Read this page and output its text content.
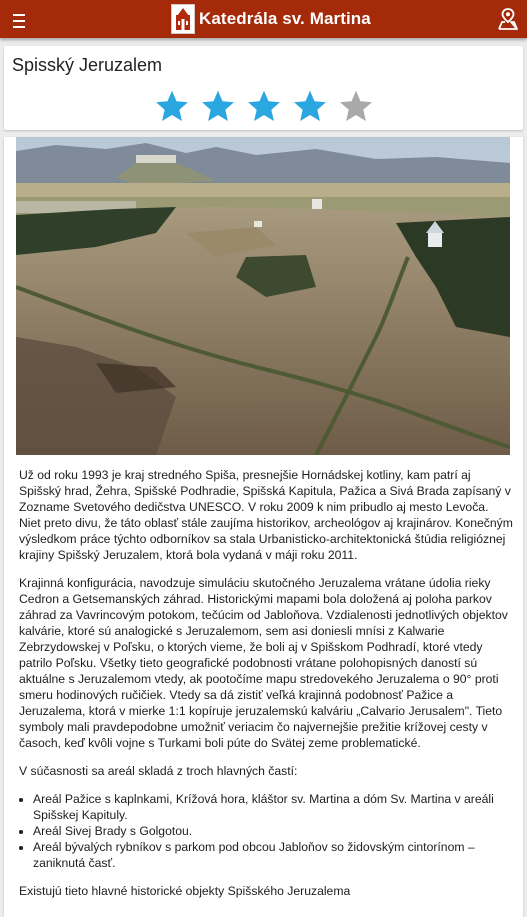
Katedrála sv. Martina
Spisský Jeruzalem

Už od roku 1993 je kraj stredného Spiša, presnejšie Hornádskej kotliny, kam patrí aj Spišský hrad, Žehra, Spišské Podhradie, Spišská Kapitula, Pažica a Sivá Brada zapísaný v Zozname Svetového dedičstva UNESCO. V roku 2009 k nim pribudlo aj mesto Levoča. Niet preto divu, že táto oblasť stále zaujíma historikov, archeológov aj krajinárov. Konečným výsledkom práce týchto odborníkov sa stala Urbanisticko-architektonická štúdia religióznej krajiny Spišský Jeruzalem, ktorá bola vydaná v máji roku 2011.

Krajinná konfigurácia, navodzuje simuláciu skutočného Jeruzalema vrátane údolia rieky Cedron a Getsemanských záhrad. Historickými mapami bola doložená aj poloha parkov záhrad za Vavrincovým potokom, tečúcim od Jabloňova. Vzdialenosti jednotlivých objektov kalvárie, ktoré sú analogické s Jeruzalemom, sem asi doniesli mnísi z Kalwarie Zebrzydowskej v Poľsku, o ktorých vieme, že boli aj v Spišskom Podhradí, ktoré vtedy patrilo Poľsku. Všetky tieto geografické podobnosti vrátane polohopisných daností sú aktuálne s Jeruzalemom vtedy, ak pootočíme mapu stredovekého Jeruzalema o 90° proti smeru hodinových ručičiek. Vtedy sa dá zistiť veľká krajinná podobnosť Pažice a Jeruzalema, ktorá v mierke 1:1 kopíruje jeruzalemskú kalváriu „Calvario Jerusalem". Tieto symboly mali pravdepodobne umožniť veriacim čo najvernejšie prežitie krížovej cesty v časoch, keď kvôli vojne s Turkami boli púte do Svätej zeme problematické.

V súčasnosti sa areál skladá z troch hlavných častí:

• Areál Pažice s kaplnkami, Krížová hora, kláštor sv. Martina a dóm Sv. Martina v areáli Spišskej Kapituly.
• Areál Sivej Brady s Golgotou.
• Areál bývalých rybníkov s parkom pod obcou Jabloňov so židovským cintorínom – zaniknutá časť.

Existujú tieto hlavné historické objekty Spišského Jeruzalema
